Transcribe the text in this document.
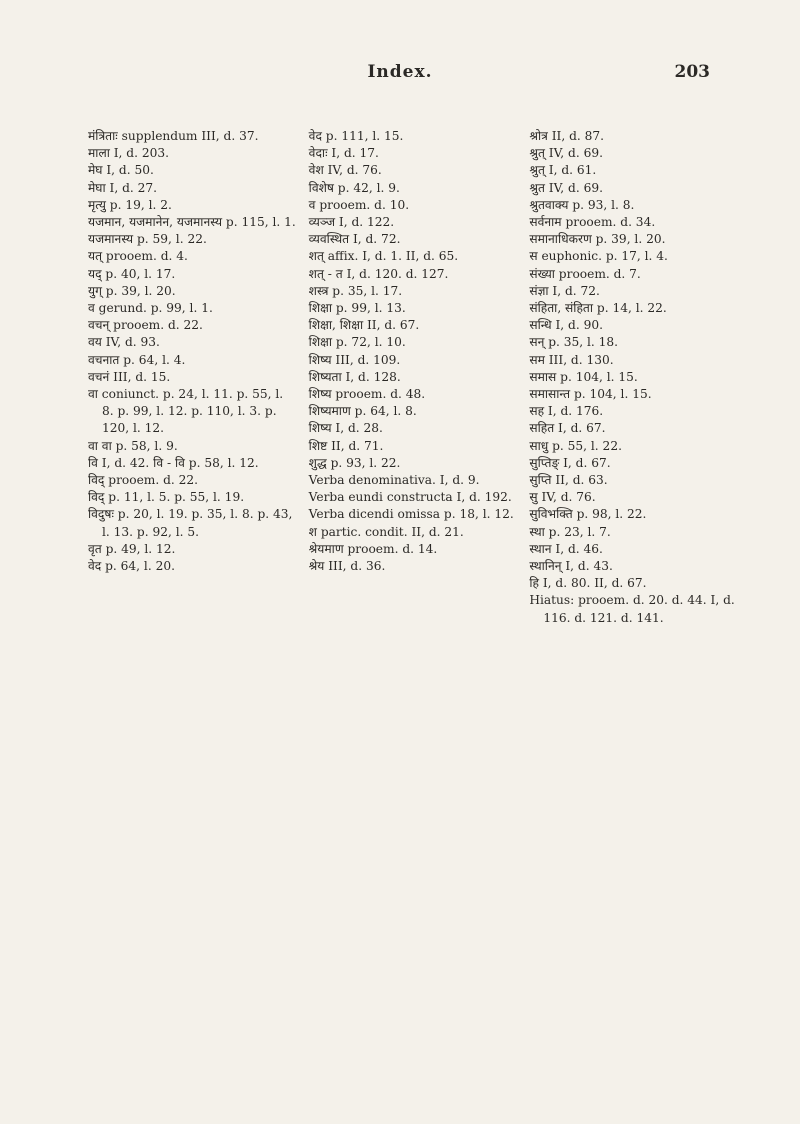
Index.	203
मंत्रिताः supplendum III, d. 37.
माला I, d. 203.
मेघ I, d. 50.
मेघा I, d. 27.
मृत्यु p. 19, l. 2.
यजमान, यजमानेन, यजमानस्य p. 115, l. 1.
यजमानस्य p. 59, l. 22.
यत् prooem. d. 4.
यद् p. 40, l. 17.
युग् p. 39, l. 20.
व gerund. p. 99, l. 1.
वचन् prooem. d. 22.
वय IV, d. 93.
वचनात p. 64, l. 4.
वचनं III, d. 15.
वा coniunct. p. 24, l. 11. p. 55, l. 8. p. 99, l. 12. p. 110, l. 3. p. 120, l. 12.
वा वा p. 58, l. 9.
वि I, d. 42. वि - वि p. 58, l. 12.
विद् prooem. d. 22.
विद् p. 11, l. 5. p. 55, l. 19.
विदुषः p. 20, l. 19. p. 35, l. 8. p. 43, l. 13. p. 92, l. 5.
वृत p. 49, l. 12.
वेद p. 64, l. 20.
वेद p. 111, l. 15.
वेदाः I, d. 17.
वेश IV, d. 76.
विशेष p. 42, l. 9.
व prooem. d. 10.
व्यञ्ज I, d. 122.
व्यवस्थित I, d. 72.
शत् affix. I, d. 1. II, d. 65.
शत् - त I, d. 120. d. 127.
शस्त्र p. 35, l. 17.
शिक्षा p. 99, l. 13.
शिक्षा, शिक्षा II, d. 67.
शिक्षा p. 72, l. 10.
शिष्य III, d. 109.
शिष्यता I, d. 128.
शिष्य prooem. d. 48.
शिष्यमाण p. 64, l. 8.
शिष्य I, d. 28.
शिष्ट II, d. 71.
शुद्ध p. 93, l. 22.
Verba denominativa. I, d. 9.
Verba eundi constructa I, d. 192.
Verba dicendi omissa p. 18, l. 12.
श partic. condit. II, d. 21.
श्रेयमाण prooem. d. 14.
श्रेय III, d. 36.
श्रोत्र II, d. 87.
श्रुत् IV, d. 69.
श्रुत् I, d. 61.
श्रुत IV, d. 69.
श्रुतवाक्य p. 93, l. 8.
सर्वनाम prooem. d. 34.
समानाधिकरण p. 39, l. 20.
स euphonic. p. 17, l. 4.
संख्या prooem. d. 7.
संज्ञा I, d. 72.
संहिता, संहिता p. 14, l. 22.
सन्धि I, d. 90.
सन् p. 35, l. 18.
सम III, d. 130.
समास p. 104, l. 15.
समासान्त p. 104, l. 15.
सह I, d. 176.
सहित I, d. 67.
साधु p. 55, l. 22.
सुप्तिङ् I, d. 67.
सुप्ति II, d. 63.
सु IV, d. 76.
सुविभक्ति p. 98, l. 22.
स्था p. 23, l. 7.
स्थान I, d. 46.
स्थानिन् I, d. 43.
हि I, d. 80. II, d. 67.
Hiatus: prooem. d. 20. d. 44. I, d. 116. d. 121. d. 141.
